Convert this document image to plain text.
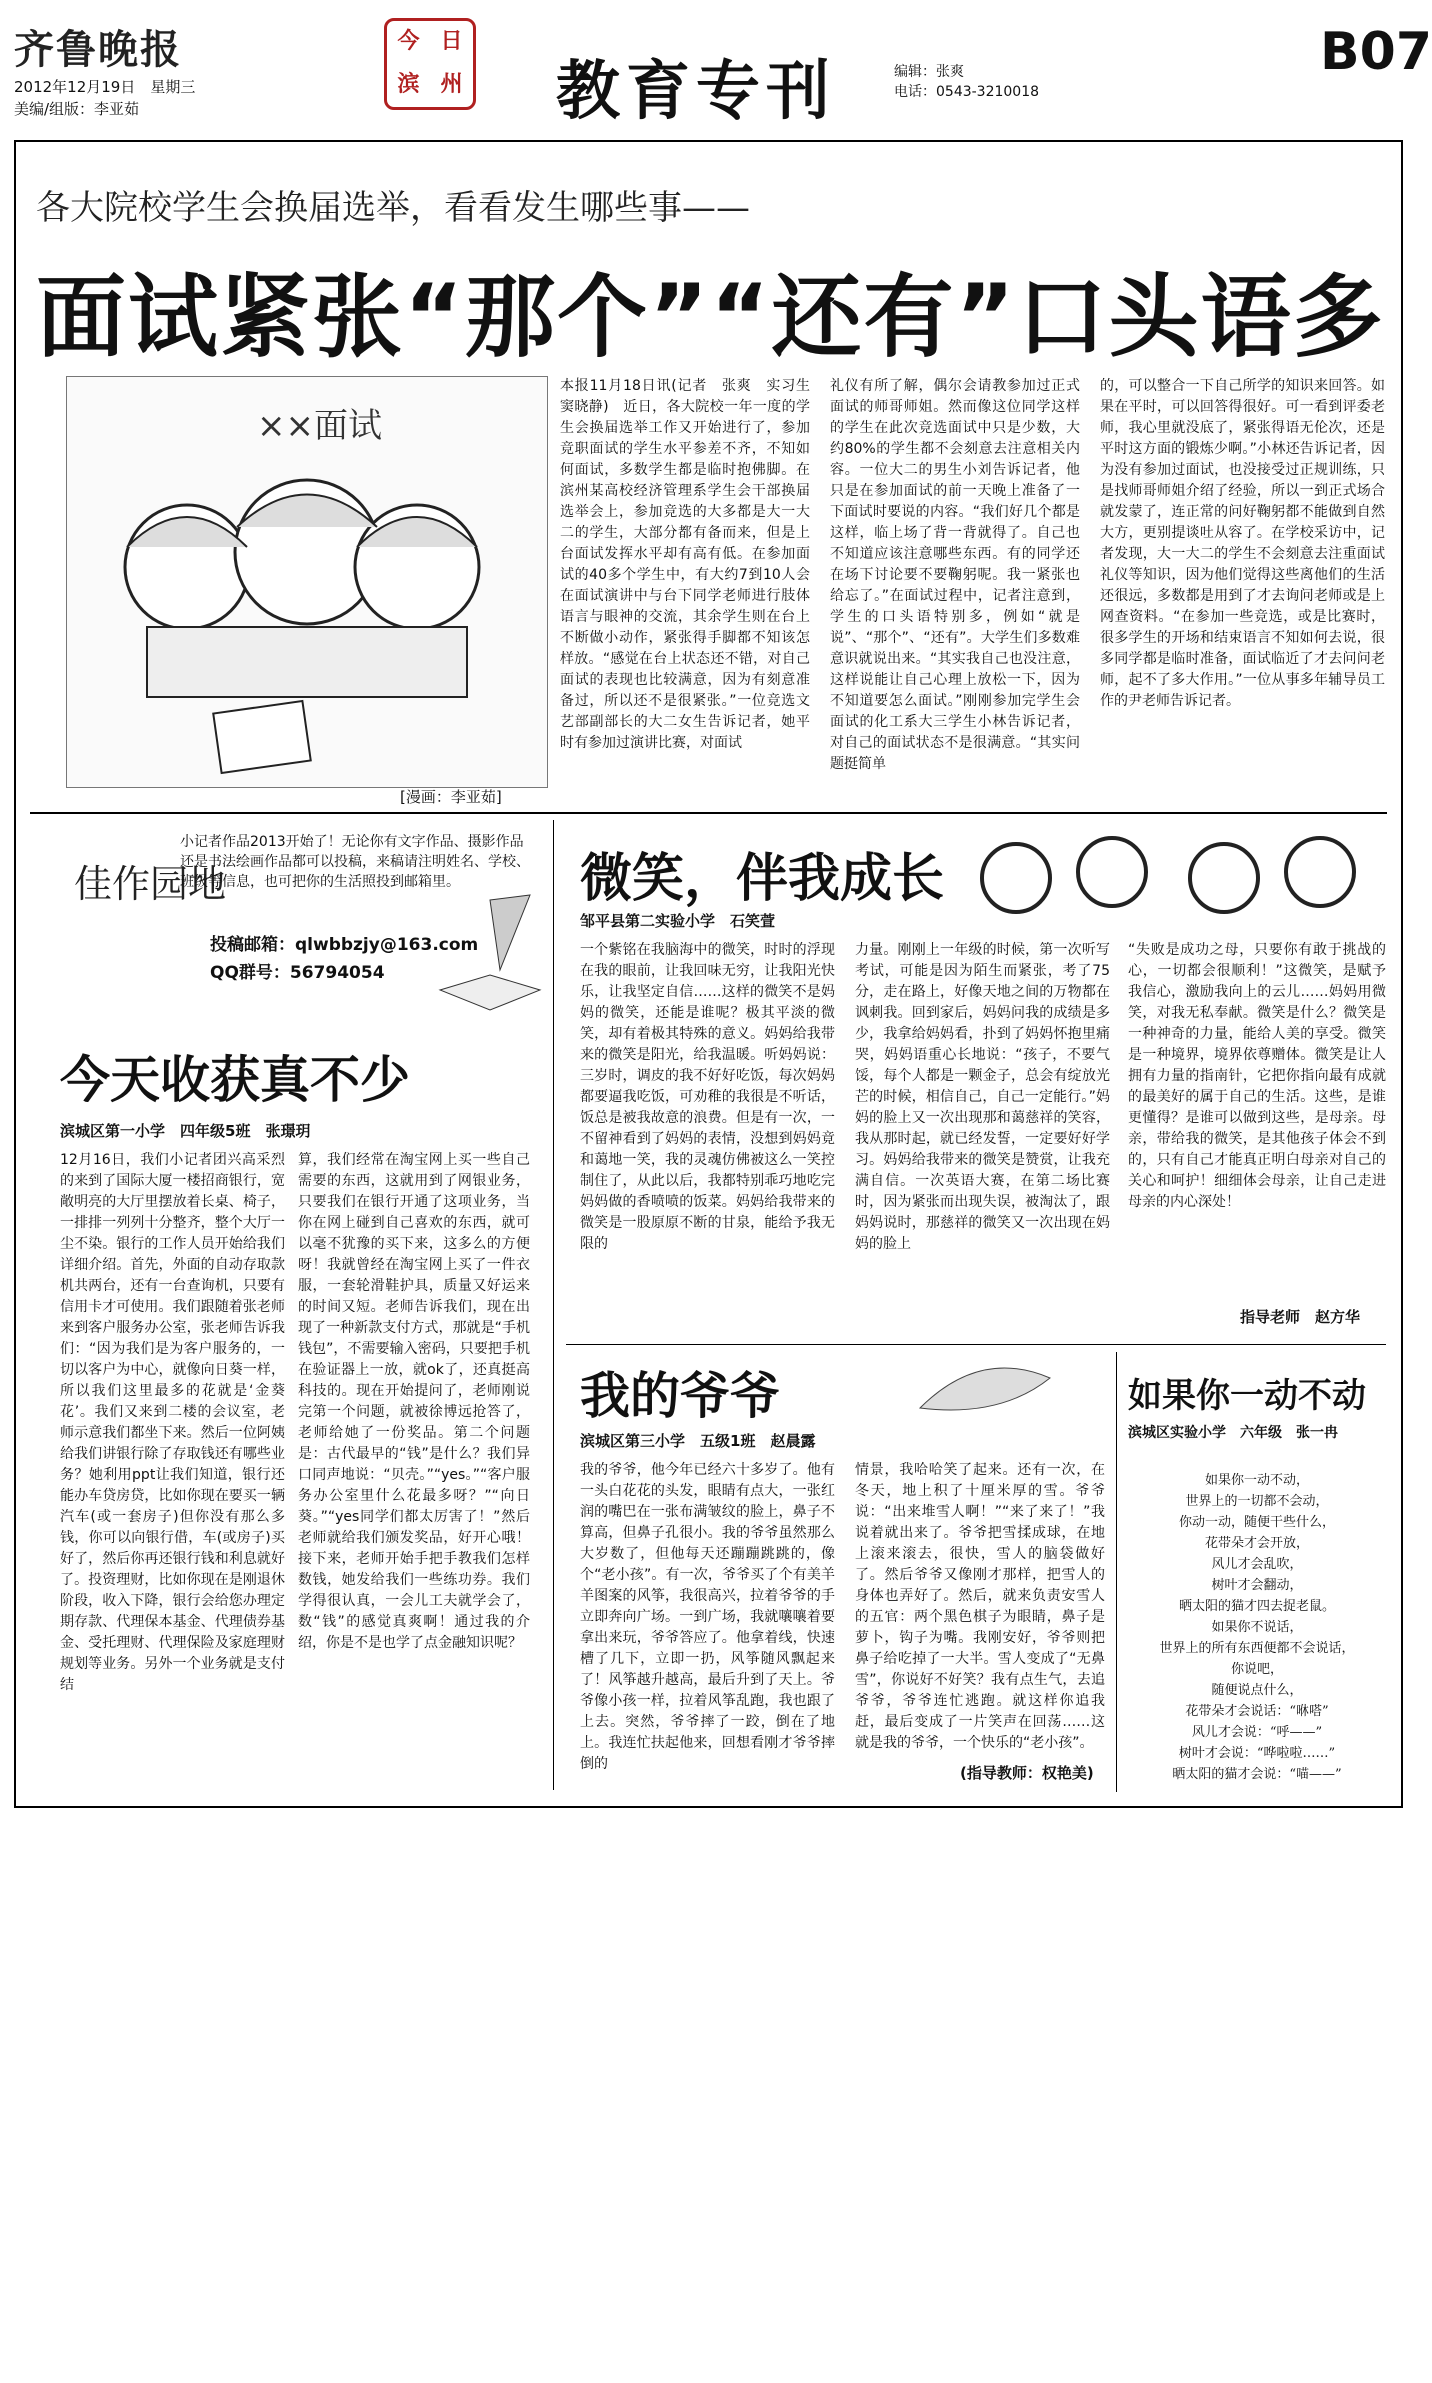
齐鲁晚报
2012年12月19日　星期三
美编/组版：李亚茹
今 日
滨 州 教育专刊	编辑：张爽
电话：0543-3210018
B07
各大院校学生会换届选举，看看发生哪些事——
面试紧张“那个”“还有”口头语多
××面试
[漫画：李亚茹]
本报11月18日讯(记者　张爽　实习生　窦晓静)　近日，各大院校一年一度的学生会换届选举工作又开始进行了，参加竞职面试的学生水平参差不齐，不知如何面试，多数学生都是临时抱佛脚。在滨州某高校经济管理系学生会干部换届选举会上，参加竞选的大多都是大一大二的学生，大部分都有备而来，但是上台面试发挥水平却有高有低。在参加面试的40多个学生中，有大约7到10人会在面试演讲中与台下同学老师进行肢体语言与眼神的交流，其余学生则在台上不断做小动作，紧张得手脚都不知该怎样放。“感觉在台上状态还不错，对自己面试的表现也比较满意，因为有刻意准备过，所以还不是很紧张。”一位竞选文艺部副部长的大二女生告诉记者，她平时有参加过演讲比赛，对面试
礼仪有所了解，偶尔会请教参加过正式面试的师哥师姐。然而像这位同学这样的学生在此次竞选面试中只是少数，大约80%的学生都不会刻意去注意相关内容。一位大二的男生小刘告诉记者，他只是在参加面试的前一天晚上准备了一下面试时要说的内容。“我们好几个都是这样，临上场了背一背就得了。自己也不知道应该注意哪些东西。有的同学还在场下讨论要不要鞠躬呢。我一紧张也给忘了。”在面试过程中，记者注意到，学生的口头语特别多，例如“就是说”、“那个”、“还有”。大学生们多数难意识就说出来。“其实我自己也没注意，这样说能让自己心理上放松一下，因为不知道要怎么面试。”刚刚参加完学生会面试的化工系大三学生小林告诉记者，对自己的面试状态不是很满意。“其实问题挺简单
的，可以整合一下自己所学的知识来回答。如果在平时，可以回答得很好。可一看到评委老师，我心里就没底了，紧张得语无伦次，还是平时这方面的锻炼少啊。”小林还告诉记者，因为没有参加过面试，也没接受过正规训练，只是找师哥师姐介绍了经验，所以一到正式场合就发蒙了，连正常的问好鞠躬都不能做到自然大方，更别提谈吐从容了。在学校采访中，记者发现，大一大二的学生不会刻意去注重面试礼仪等知识，因为他们觉得这些离他们的生活还很远，多数都是用到了才去询问老师或是上网查资料。“在参加一些竞选，或是比赛时，很多学生的开场和结束语言不知如何去说，很多同学都是临时准备，面试临近了才去问问老师，起不了多大作用。”一位从事多年辅导员工作的尹老师告诉记者。
佳作园地
小记者作品2013开始了！无论你有文字作品、摄影作品还是书法绘画作品都可以投稿，来稿请注明姓名、学校、班级等信息，也可把你的生活照投到邮箱里。
投稿邮箱：qlwbbzjy@163.com
QQ群号：56794054
今天收获真不少
滨城区第一小学　四年级5班　张璟玥
12月16日，我们小记者团兴高采烈的来到了国际大厦一楼招商银行，宽敞明亮的大厅里摆放着长桌、椅子，一排排一列列十分整齐，整个大厅一尘不染。银行的工作人员开始给我们详细介绍。首先，外面的自动存取款机共两台，还有一台查询机，只要有信用卡才可使用。我们跟随着张老师来到客户服务办公室，张老师告诉我们：“因为我们是为客户服务的，一切以客户为中心，就像向日葵一样，所以我们这里最多的花就是‘金葵花’。我们又来到二楼的会议室，老师示意我们都坐下来。然后一位阿姨给我们讲银行除了存取钱还有哪些业务？她利用ppt让我们知道，银行还能办车贷房贷，比如你现在要买一辆汽车(或一套房子)但你没有那么多钱，你可以向银行借，车(或房子)买好了，然后你再还银行钱和利息就好了。投资理财，比如你现在是刚退休阶段，收入下降，银行会给您办理定期存款、代理保本基金、代理债券基金、受托理财、代理保险及家庭理财规划等业务。另外一个业务就是支付结
算，我们经常在淘宝网上买一些自己需要的东西，这就用到了网银业务，只要我们在银行开通了这项业务，当你在网上碰到自己喜欢的东西，就可以毫不犹豫的买下来，这多么的方便呀！我就曾经在淘宝网上买了一件衣服，一套轮滑鞋护具，质量又好运来的时间又短。老师告诉我们，现在出现了一种新款支付方式，那就是“手机钱包”，不需要输入密码，只要把手机在验证器上一放，就ok了，还真挺高科技的。现在开始提问了，老师刚说完第一个问题，就被徐博远抢答了，老师给她了一份奖品。第二个问题是：古代最早的“钱”是什么？我们异口同声地说：“贝壳。”“yes。”“客户服务办公室里什么花最多呀？”“向日葵。”“yes同学们都太厉害了！”然后老师就给我们颁发奖品，好开心哦！接下来，老师开始手把手教我们怎样数钱，她发给我们一些练功券。我们学得很认真，一会儿工夫就学会了，数“钱”的感觉真爽啊！通过我的介绍，你是不是也学了点金融知识呢？
微笑，伴我成长
邹平县第二实验小学　石笑萱
一个紫铭在我脑海中的微笑，时时的浮现在我的眼前，让我回味无穷，让我阳光快乐，让我坚定自信……这样的微笑不是妈妈的微笑，还能是谁呢？极其平淡的微笑，却有着极其特殊的意义。妈妈给我带来的微笑是阳光，给我温暖。听妈妈说：三岁时，调皮的我不好好吃饭，每次妈妈都要逼我吃饭，可劝稚的我很是不听话，饭总是被我故意的浪费。但是有一次，一不留神看到了妈妈的表情，没想到妈妈竟和蔼地一笑，我的灵魂仿佛被这么一笑控制住了，从此以后，我都特别乖巧地吃完妈妈做的香喷喷的饭菜。妈妈给我带来的微笑是一股原原不断的甘泉，能给予我无限的
力量。刚刚上一年级的时候，第一次听写考试，可能是因为陌生而紧张，考了75分，走在路上，好像天地之间的万物都在讽刺我。回到家后，妈妈问我的成绩是多少，我拿给妈妈看，扑到了妈妈怀抱里痛哭，妈妈语重心长地说：“孩子，不要气馁，每个人都是一颗金子，总会有绽放光芒的时候，相信自己，自己一定能行。”妈妈的脸上又一次出现那和蔼慈祥的笑容，我从那时起，就已经发誓，一定要好好学习。妈妈给我带来的微笑是赞赏，让我充满自信。一次英语大赛，在第二场比赛时，因为紧张而出现失误，被淘汰了，跟妈妈说时，那慈祥的微笑又一次出现在妈妈的脸上
“失败是成功之母，只要你有敢于挑战的心，一切都会很顺利！”这微笑，是赋予我信心，激励我向上的云儿……妈妈用微笑，对我无私奉献。微笑是什么？微笑是一种神奇的力量，能给人美的享受。微笑是一种境界，境界依尊赠体。微笑是让人拥有力量的指南针，它把你指向最有成就的最美好的属于自己的生活。这些，是谁更懂得？是谁可以做到这些，是母亲。母亲，带给我的微笑，是其他孩子体会不到的，只有自己才能真正明白母亲对自己的关心和呵护！细细体会母亲，让自己走进母亲的内心深处！
指导老师　赵方华
我的爷爷
滨城区第三小学　五级1班　赵晨露
我的爷爷，他今年已经六十多岁了。他有一头白花花的头发，眼睛有点大，一张红润的嘴巴在一张布满皱纹的脸上，鼻子不算高，但鼻子孔很小。我的爷爷虽然那么大岁数了，但他每天还蹦蹦跳跳的，像个“老小孩”。有一次，爷爷买了个有美羊羊图案的风筝，我很高兴，拉着爷爷的手立即奔向广场。一到广场，我就嚷嚷着要拿出来玩，爷爷答应了。他拿着线，快速槽了几下，立即一扔，风筝随风飘起来了！风筝越升越高，最后升到了天上。爷爷像小孩一样，拉着风筝乱跑，我也跟了上去。突然，爷爷摔了一跤，倒在了地上。我连忙扶起他来，回想看刚才爷爷摔倒的
情景，我哈哈笑了起来。还有一次，在冬天，地上积了十厘米厚的雪。爷爷说：“出来堆雪人啊！”“来了来了！”我说着就出来了。爷爷把雪揉成球，在地上滚来滚去，很快，雪人的脑袋做好了。然后爷爷又像刚才那样，把雪人的身体也弄好了。然后，就来负责安雪人的五官：两个黑色棋子为眼睛，鼻子是萝卜，钩子为嘴。我刚安好，爷爷则把鼻子给吃掉了一大半。雪人变成了“无鼻雪”，你说好不好笑？我有点生气，去追爷爷，爷爷连忙逃跑。就这样你追我赶，最后变成了一片笑声在回荡……这就是我的爷爷，一个快乐的“老小孩”。
(指导教师：权艳美)
如果你一动不动
滨城区实验小学　六年级　张一冉
如果你一动不动，
世界上的一切都不会动，
你动一动，随便干些什么，
花带朵才会开放，
风儿才会乱吹，
树叶才会翻动，
晒太阳的猫才四去捉老鼠。
如果你不说话，
世界上的所有东西便都不会说话，
你说吧，
随便说点什么，
花带朵才会说话：“咻嗒”
风儿才会说：“呼——”
树叶才会说：“哗啦啦……”
晒太阳的猫才会说：“喵——”
